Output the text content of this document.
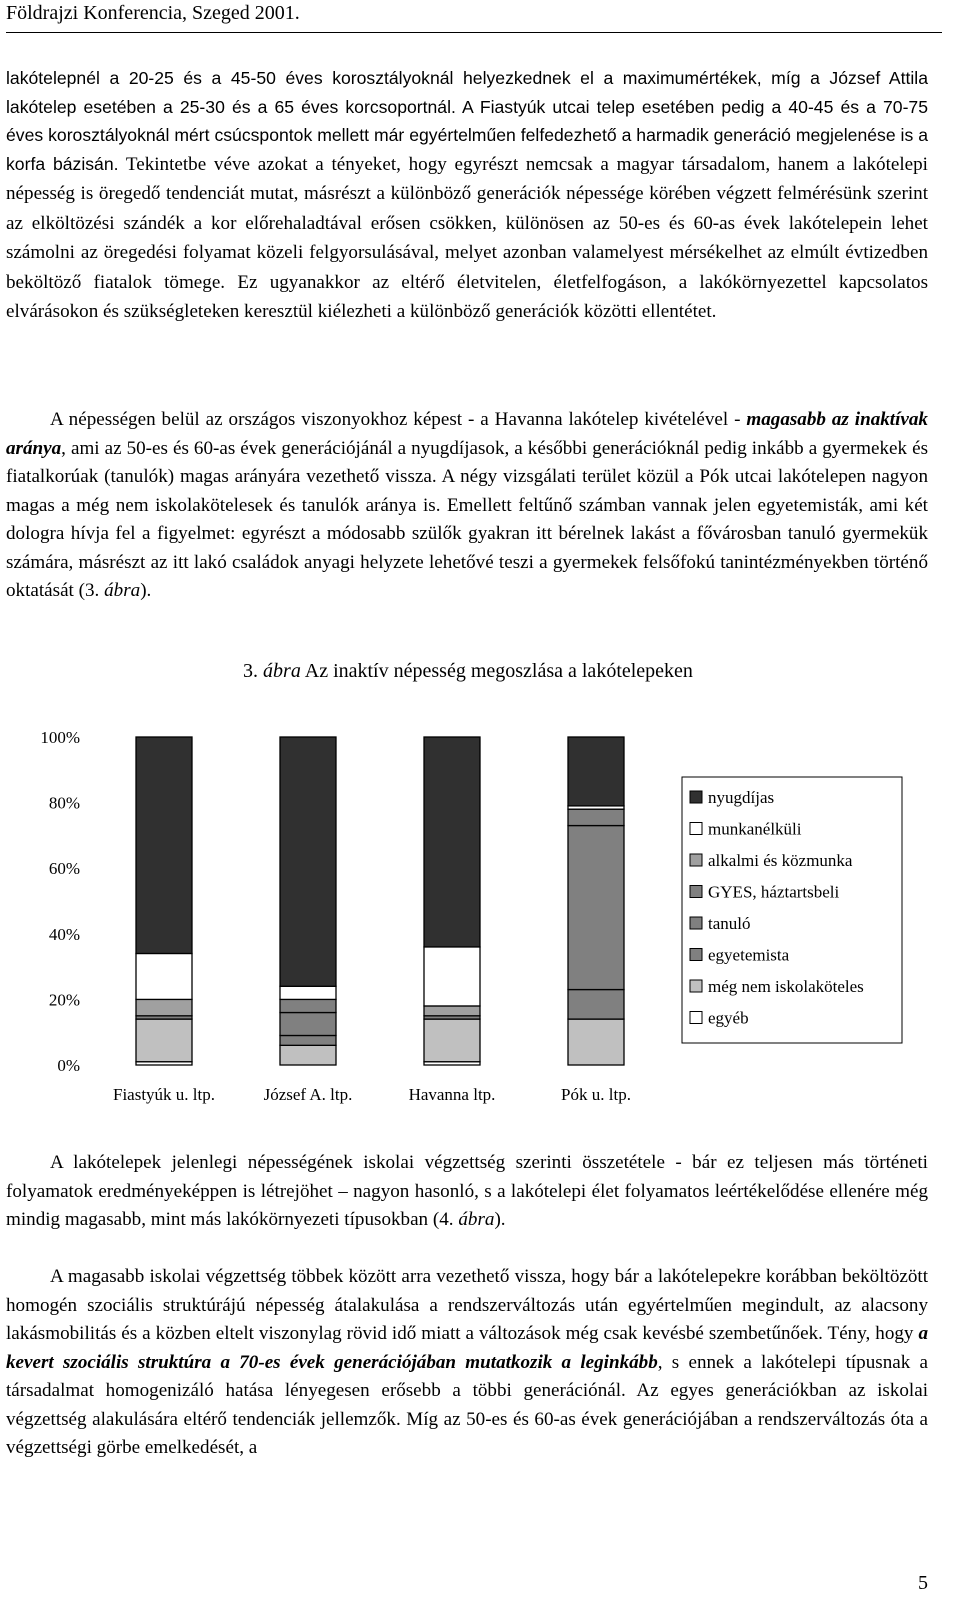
Földrajzi Konferencia, Szeged 2001.

lakótelepnél a 20-25 és a 45-50 éves korosztályoknál helyezkednek el a maximumértékek, míg a József Attila lakótelep esetében a 25-30 és a 65 éves korcsoportnál. A Fiastyúk utcai telep esetében pedig a 40-45 és a 70-75 éves korosztályoknál mért csúcspontok mellett már egyértelműen felfedezhető a harmadik generáció megjelenése is a korfa bázisán. Tekintetbe véve azokat a tényeket, hogy egyrészt nemcsak a magyar társadalom, hanem a lakótelepi népesség is öregedő tendenciát mutat, másrészt a különböző generációk népessége körében végzett felmérésünk szerint az elköltözési szándék a kor előrehaladtával erősen csökken, különösen az 50-es és 60-as évek lakótelepein lehet számolni az öregedési folyamat közeli felgyorsulásával, melyet azonban valamelyest mérsékelhet az elmúlt évtizedben beköltöző fiatalok tömege. Ez ugyanakkor az eltérő életvitelen, életfelfogáson, a lakókörnyezettel kapcsolatos elvárásokon és szükségleteken keresztül kiélezheti a különböző generációk közötti ellentétet.

A népességen belül az országos viszonyokhoz képest - a Havanna lakótelep kivételével - magasabb az inaktívak aránya, ami az 50-es és 60-as évek generációjánál a nyugdíjasok, a későbbi generációknál pedig inkább a gyermekek és fiatalkorúak (tanulók) magas arányára vezethető vissza. A négy vizsgálati terület közül a Pók utcai lakótelepen nagyon magas a még nem iskolakötelesek és tanulók aránya is. Emellett feltűnő számban vannak jelen egyetemisták, ami két dologra hívja fel a figyelmet: egyrészt a módosabb szülők gyakran itt bérelnek lakást a fővárosban tanuló gyermekük számára, másrészt az itt lakó családok anyagi helyzete lehetővé teszi a gyermekek felsőfokú tanintézményekben történő oktatását (3. ábra).

3. ábra Az inaktív népesség megoszlása a lakótelepeken
0%
20%
40%
60%
80%
100%
Fiastyúk u. ltp.	József A. ltp.	Havanna ltp.	Pók u. ltp.
nyugdíjas
munkanélküli
alkalmi és közmunka
GYES, háztartsbeli
tanuló
egyetemista
még nem iskolaköteles
egyéb

A lakótelepek jelenlegi népességének iskolai végzettség szerinti összetétele - bár ez teljesen más történeti folyamatok eredményeképpen is létrejöhet – nagyon hasonló, s a lakótelepi élet folyamatos leértékelődése ellenére még mindig magasabb, mint más lakókörnyezeti típusokban (4. ábra).

A magasabb iskolai végzettség többek között arra vezethető vissza, hogy bár a lakótelepekre korábban beköltözött homogén szociális struktúrájú népesség átalakulása a rendszerváltozás után egyértelműen megindult, az alacsony lakásmobilitás és a közben eltelt viszonylag rövid idő miatt a változások még csak kevésbé szembetűnőek. Tény, hogy a kevert szociális struktúra a 70-es évek generációjában mutatkozik a leginkább, s ennek a lakótelepi típusnak a társadalmat homogenizáló hatása lényegesen erősebb a többi generációnál. Az egyes generációkban az iskolai végzettség alakulására eltérő tendenciák jellemzők. Míg az 50-es és 60-as évek generációjában a rendszerváltozás óta a végzettségi görbe emelkedését, a

5
